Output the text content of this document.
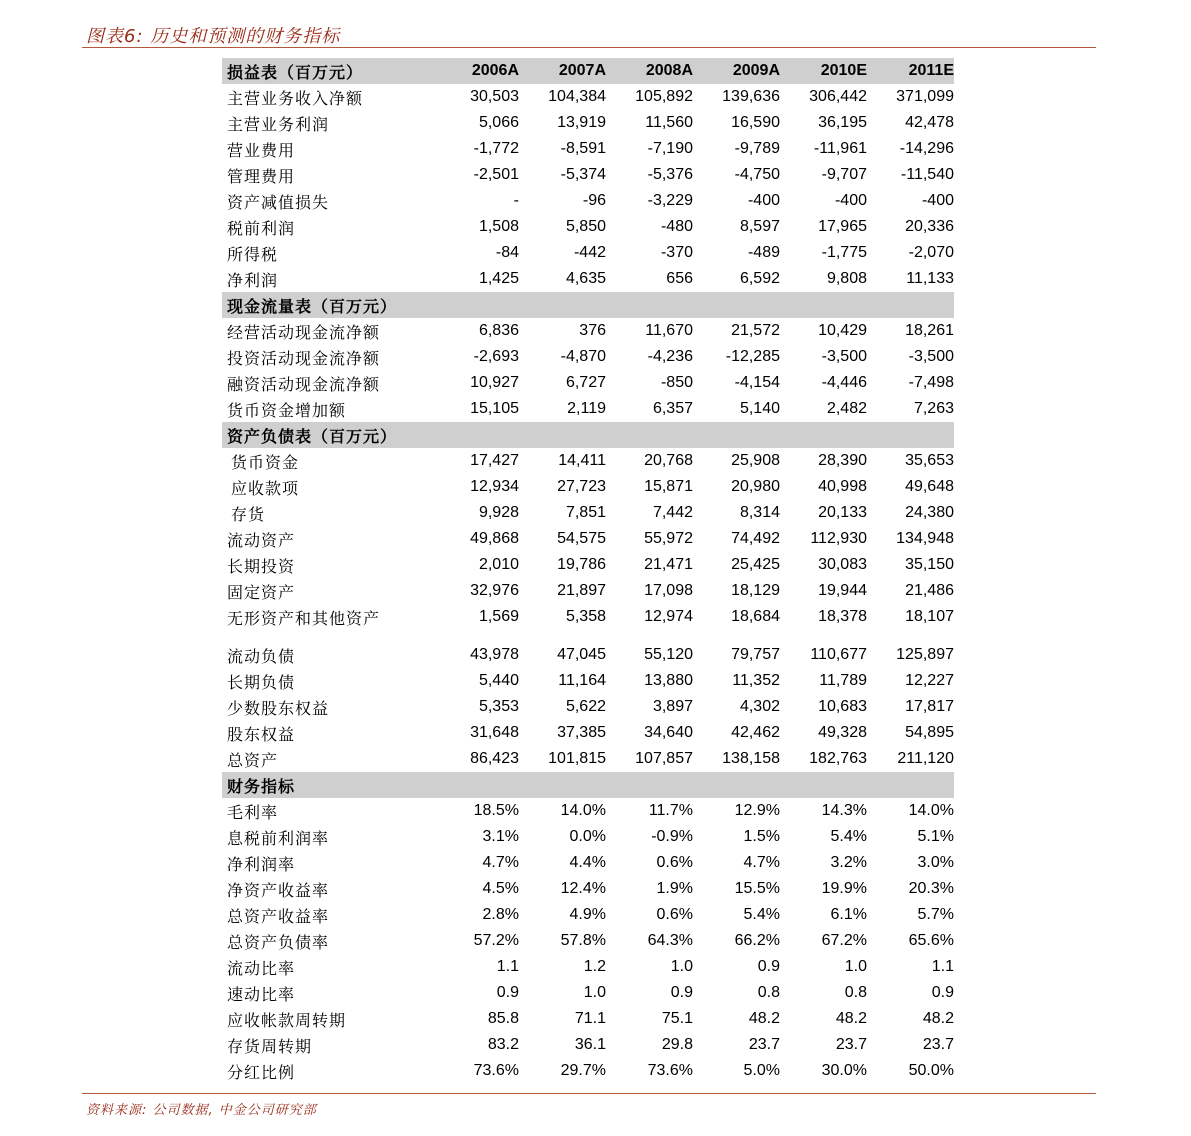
图表6: 历史和预测的财务指标
损益表（百万元）	2006A	2007A	2008A	2009A	2010E	2011E
主营业务收入净额	30,503	104,384	105,892	139,636	306,442	371,099
主营业务利润	5,066	13,919	11,560	16,590	36,195	42,478
营业费用	-1,772	-8,591	-7,190	-9,789	-11,961	-14,296
管理费用	-2,501	-5,374	-5,376	-4,750	-9,707	-11,540
资产减值损失	-	-96	-3,229	-400	-400	-400
税前利润	1,508	5,850	-480	8,597	17,965	20,336
所得税	-84	-442	-370	-489	-1,775	-2,070
净利润	1,425	4,635	656	6,592	9,808	11,133
现金流量表（百万元）						
经营活动现金流净额	6,836	376	11,670	21,572	10,429	18,261
投资活动现金流净额	-2,693	-4,870	-4,236	-12,285	-3,500	-3,500
融资活动现金流净额	10,927	6,727	-850	-4,154	-4,446	-7,498
货币资金增加额	15,105	2,119	6,357	5,140	2,482	7,263
资产负债表（百万元）						
货币资金	17,427	14,411	20,768	25,908	28,390	35,653
应收款项	12,934	27,723	15,871	20,980	40,998	49,648
存货	9,928	7,851	7,442	8,314	20,133	24,380
流动资产	49,868	54,575	55,972	74,492	112,930	134,948
长期投资	2,010	19,786	21,471	25,425	30,083	35,150
固定资产	32,976	21,897	17,098	18,129	19,944	21,486
无形资产和其他资产	1,569	5,358	12,974	18,684	18,378	18,107

流动负债	43,978	47,045	55,120	79,757	110,677	125,897
长期负债	5,440	11,164	13,880	11,352	11,789	12,227
少数股东权益	5,353	5,622	3,897	4,302	10,683	17,817
股东权益	31,648	37,385	34,640	42,462	49,328	54,895
总资产	86,423	101,815	107,857	138,158	182,763	211,120
财务指标						
毛利率	18.5%	14.0%	11.7%	12.9%	14.3%	14.0%
息税前利润率	3.1%	0.0%	-0.9%	1.5%	5.4%	5.1%
净利润率	4.7%	4.4%	0.6%	4.7%	3.2%	3.0%
净资产收益率	4.5%	12.4%	1.9%	15.5%	19.9%	20.3%
总资产收益率	2.8%	4.9%	0.6%	5.4%	6.1%	5.7%
总资产负债率	57.2%	57.8%	64.3%	66.2%	67.2%	65.6%
流动比率	1.1	1.2	1.0	0.9	1.0	1.1
速动比率	0.9	1.0	0.9	0.8	0.8	0.9
应收帐款周转期	85.8	71.1	75.1	48.2	48.2	48.2
存货周转期	83.2	36.1	29.8	23.7	23.7	23.7
分红比例	73.6%	29.7%	73.6%	5.0%	30.0%	50.0%
资料来源: 公司数据, 中金公司研究部
